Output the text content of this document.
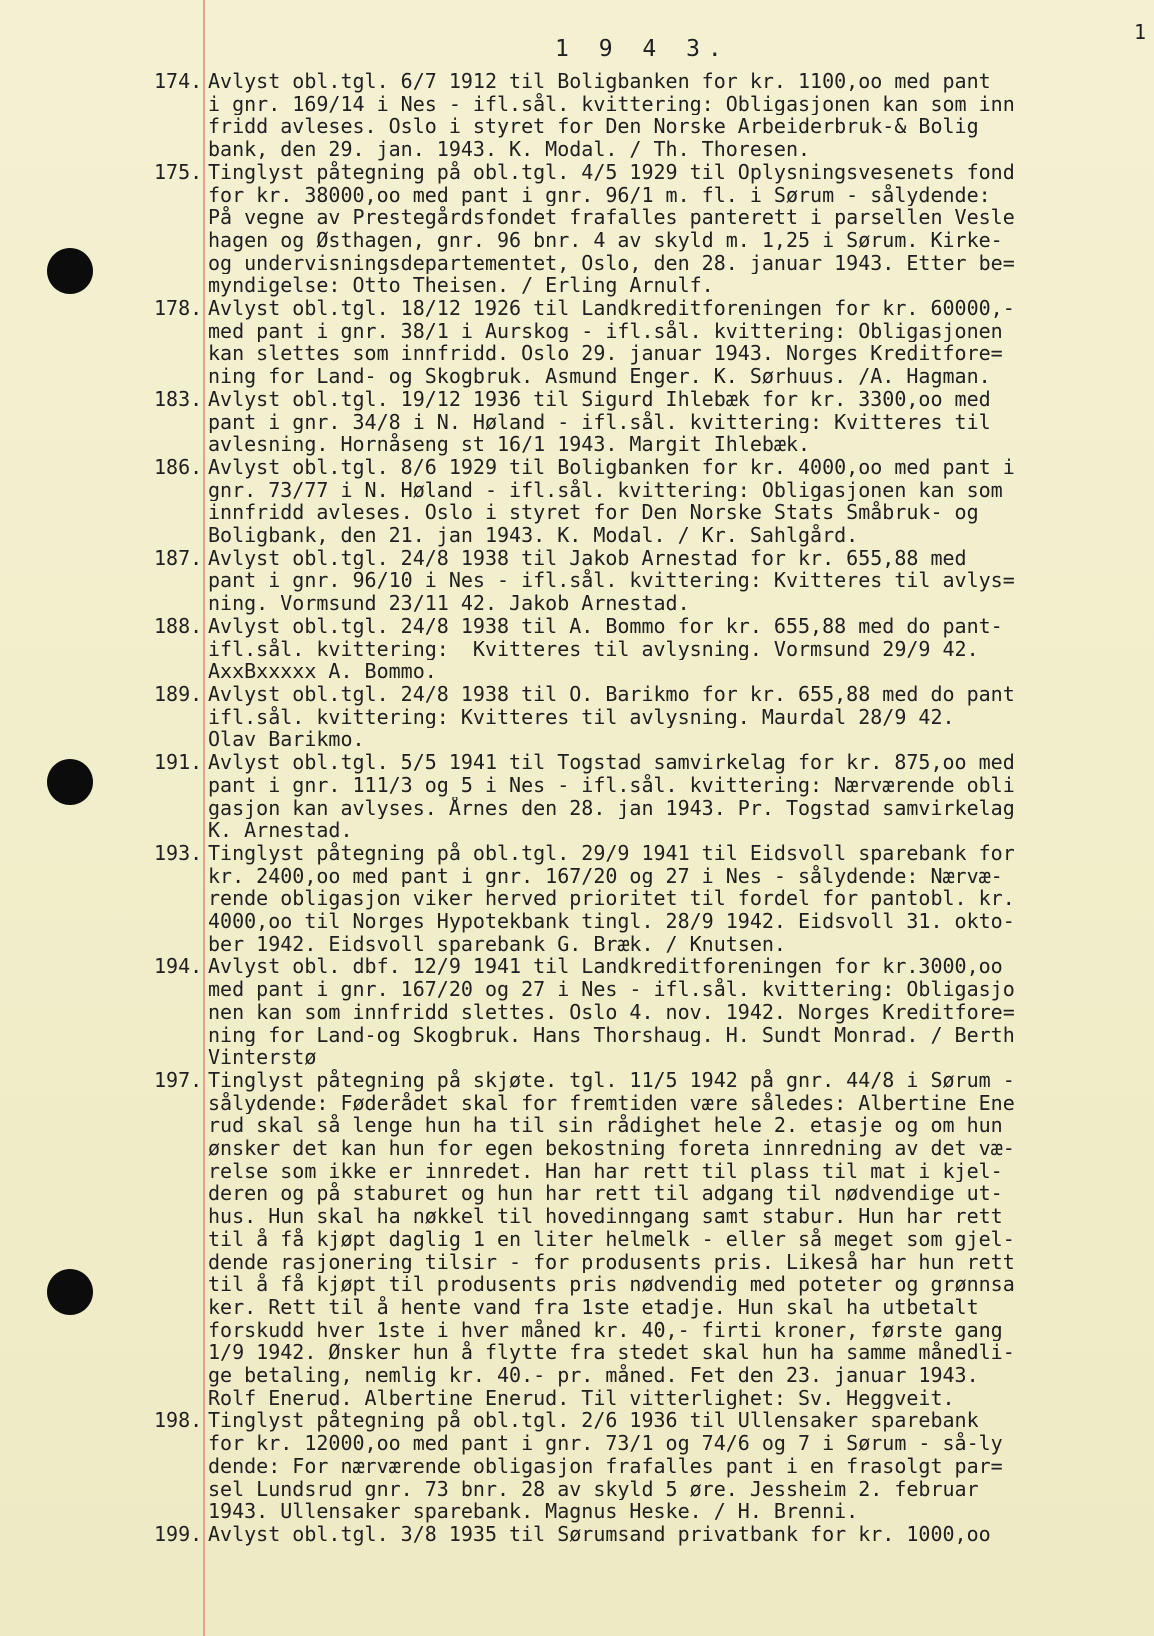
1
1 9 4 3.
174. Avlyst obl.tgl. 6/7 1912 til Boligbanken for kr. 1100,oo med pant
i gnr. 169/14 i Nes - ifl.sål. kvittering: Obligasjonen kan som inn
fridd avleses. Oslo i styret for Den Norske Arbeiderbruk-& Bolig
bank, den 29. jan. 1943. K. Modal. / Th. Thoresen.
175. Tinglyst påtegning på obl.tgl. 4/5 1929 til Oplysningsvesenets fond
for kr. 38000,oo med pant i gnr. 96/1 m. fl. i Sørum - sålydende:
På vegne av Prestegårdsfondet frafalles panterett i parsellen Vesle
hagen og Østhagen, gnr. 96 bnr. 4 av skyld m. 1,25 i Sørum. Kirke-
og undervisningsdepartementet, Oslo, den 28. januar 1943. Etter be=
myndigelse: Otto Theisen. / Erling Arnulf.
178. Avlyst obl.tgl. 18/12 1926 til Landkreditforeningen for kr. 60000,-
med pant i gnr. 38/1 i Aurskog - ifl.sål. kvittering: Obligasjonen
kan slettes som innfridd. Oslo 29. januar 1943. Norges Kreditfore=
ning for Land- og Skogbruk. Asmund Enger. K. Sørhuus. /A. Hagman.
183. Avlyst obl.tgl. 19/12 1936 til Sigurd Ihlebæk for kr. 3300,oo med
pant i gnr. 34/8 i N. Høland - ifl.sål. kvittering: Kvitteres til
avlesning. Hornåseng st 16/1 1943. Margit Ihlebæk.
186. Avlyst obl.tgl. 8/6 1929 til Boligbanken for kr. 4000,oo med pant i
gnr. 73/77 i N. Høland - ifl.sål. kvittering: Obligasjonen kan som
innfridd avleses. Oslo i styret for Den Norske Stats Småbruk- og
Boligbank, den 21. jan 1943. K. Modal. / Kr. Sahlgård.
187. Avlyst obl.tgl. 24/8 1938 til Jakob Arnestad for kr. 655,88 med
pant i gnr. 96/10 i Nes - ifl.sål. kvittering: Kvitteres til avlys=
ning. Vormsund 23/11 42. Jakob Arnestad.
188. Avlyst obl.tgl. 24/8 1938 til A. Bommo for kr. 655,88 med do pant-
ifl.sål. kvittering:  Kvitteres til avlysning. Vormsund 29/9 42.
AxxBxxxxx A. Bommo.
189. Avlyst obl.tgl. 24/8 1938 til O. Barikmo for kr. 655,88 med do pant
ifl.sål. kvittering: Kvitteres til avlysning. Maurdal 28/9 42.
Olav Barikmo.
191. Avlyst obl.tgl. 5/5 1941 til Togstad samvirkelag for kr. 875,oo med
pant i gnr. 111/3 og 5 i Nes - ifl.sål. kvittering: Nærværende obli
gasjon kan avlyses. Årnes den 28. jan 1943. Pr. Togstad samvirkelag
K. Arnestad.
193. Tinglyst påtegning på obl.tgl. 29/9 1941 til Eidsvoll sparebank for
kr. 2400,oo med pant i gnr. 167/20 og 27 i Nes - sålydende: Nærvæ-
rende obligasjon viker herved prioritet til fordel for pantobl. kr.
4000,oo til Norges Hypotekbank tingl. 28/9 1942. Eidsvoll 31. okto-
ber 1942. Eidsvoll sparebank G. Bræk. / Knutsen.
194. Avlyst obl. dbf. 12/9 1941 til Landkreditforeningen for kr.3000,oo
med pant i gnr. 167/20 og 27 i Nes - ifl.sål. kvittering: Obligasjo
nen kan som innfridd slettes. Oslo 4. nov. 1942. Norges Kreditfore=
ning for Land-og Skogbruk. Hans Thorshaug. H. Sundt Monrad. / Berth
Vinterstø
197. Tinglyst påtegning på skjøte. tgl. 11/5 1942 på gnr. 44/8 i Sørum -
sålydende: Føderådet skal for fremtiden være således: Albertine Ene
rud skal så lenge hun ha til sin rådighet hele 2. etasje og om hun
ønsker det kan hun for egen bekostning foreta innredning av det væ-
relse som ikke er innredet. Han har rett til plass til mat i kjel-
deren og på staburet og hun har rett til adgang til nødvendige ut-
hus. Hun skal ha nøkkel til hovedinngang samt stabur. Hun har rett
til å få kjøpt daglig 1 en liter helmelk - eller så meget som gjel-
dende rasjonering tilsir - for produsents pris. Likeså har hun rett
til å få kjøpt til produsents pris nødvendig med poteter og grønnsa
ker. Rett til å hente vand fra 1ste etadje. Hun skal ha utbetalt
forskudd hver 1ste i hver måned kr. 40,- firti kroner, første gang
1/9 1942. Ønsker hun å flytte fra stedet skal hun ha samme månedli-
ge betaling, nemlig kr. 40.- pr. måned. Fet den 23. januar 1943.
Rolf Enerud. Albertine Enerud. Til vitterlighet: Sv. Heggveit.
198. Tinglyst påtegning på obl.tgl. 2/6 1936 til Ullensaker sparebank
for kr. 12000,oo med pant i gnr. 73/1 og 74/6 og 7 i Sørum - så-ly
dende: For nærværende obligasjon frafalles pant i en frasolgt par=
sel Lundsrud gnr. 73 bnr. 28 av skyld 5 øre. Jessheim 2. februar
1943. Ullensaker sparebank. Magnus Heske. / H. Brenni.
199. Avlyst obl.tgl. 3/8 1935 til Sørumsand privatbank for kr. 1000,oo
